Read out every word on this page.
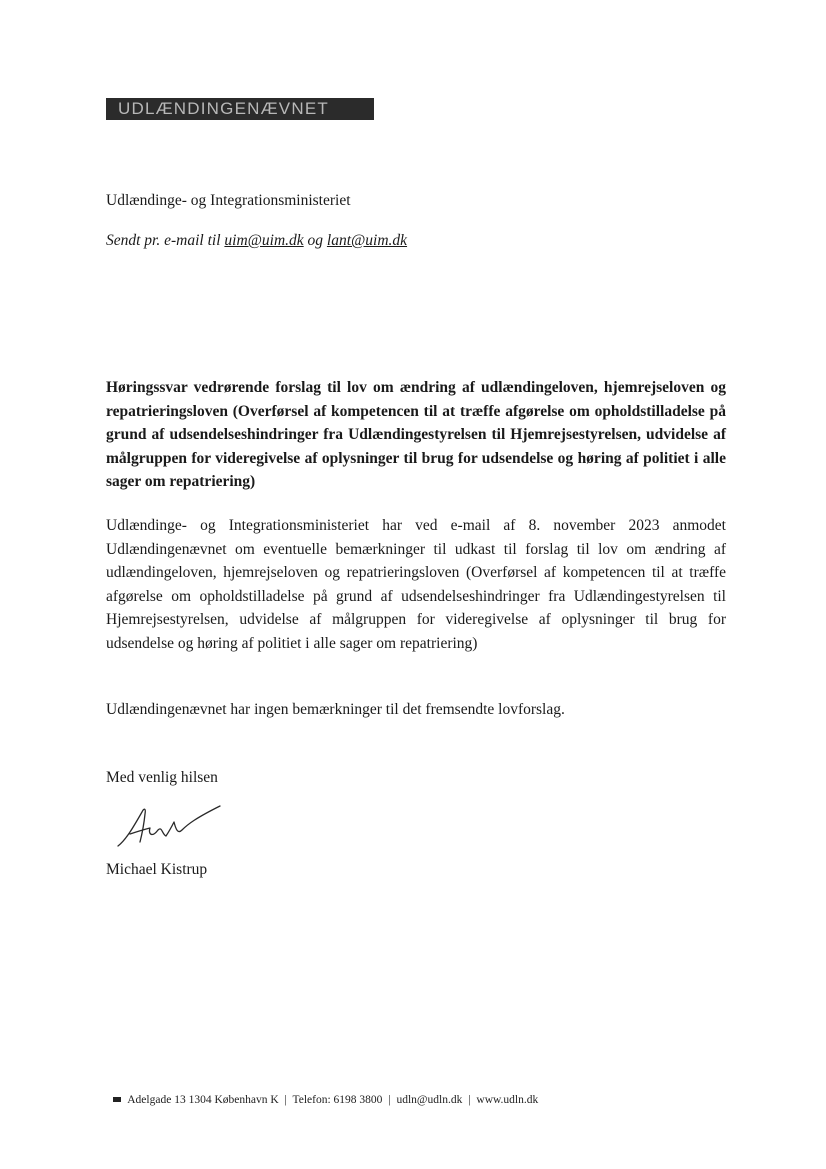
UDLÆNDINGENÆVNET
Udlændinge- og Integrationsministeriet
Sendt pr. e-mail til uim@uim.dk og lant@uim.dk
Høringssvar vedrørende forslag til lov om ændring af udlændingeloven, hjemrejseloven og repatrieringsloven (Overførsel af kompetencen til at træffe afgørelse om opholdstilladelse på grund af udsendelseshindringer fra Udlændingestyrelsen til Hjemrejsestyrelsen, udvidelse af målgruppen for videregivelse af oplysninger til brug for udsendelse og høring af politiet i alle sager om repatriering)
Udlændinge- og Integrationsministeriet har ved e-mail af 8. november 2023 anmodet Udlændingenævnet om eventuelle bemærkninger til udkast til forslag til lov om ændring af udlændingeloven, hjemrejseloven og repatrieringsloven (Overførsel af kompetencen til at træffe afgørelse om opholdstilladelse på grund af udsendelseshindringer fra Udlændingestyrelsen til Hjemrejsestyrelsen, udvidelse af målgruppen for videregivelse af oplysninger til brug for udsendelse og høring af politiet i alle sager om repatriering)
Udlændingenævnet har ingen bemærkninger til det fremsendte lovforslag.
Med venlig hilsen
Michael Kistrup
Adelgade 13 1304 København K | Telefon: 6198 3800 | udln@udln.dk | www.udln.dk
